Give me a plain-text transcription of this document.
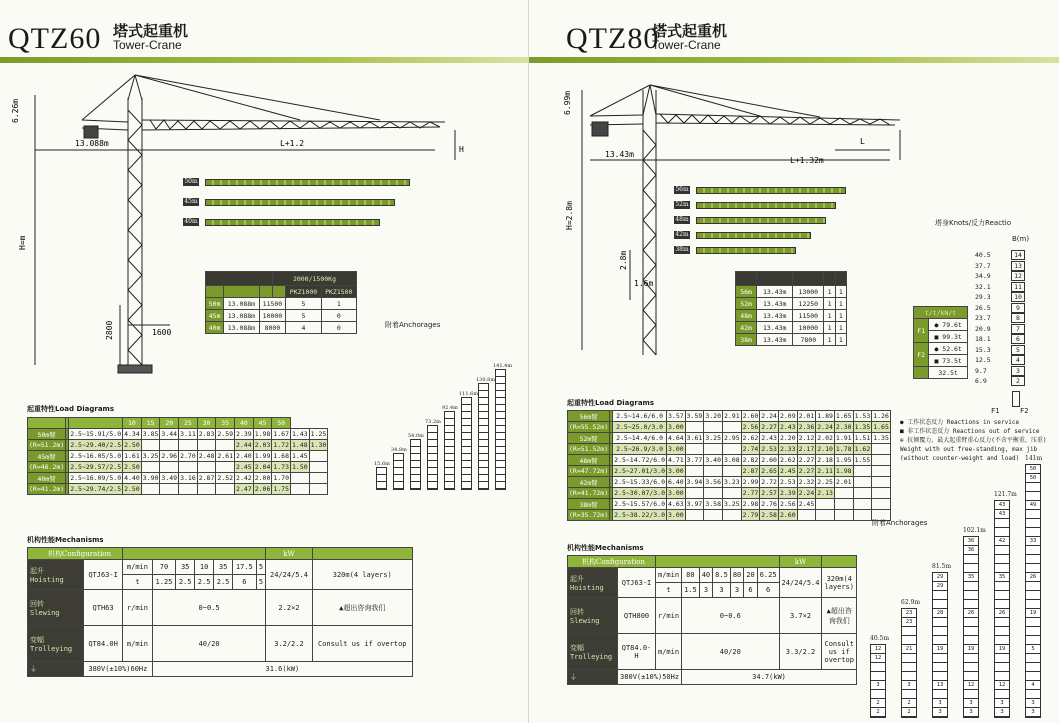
QTZ60 塔式起重机
Tower-Crane
6.26m
13.088m	L+1.2
H
H=m
2800	1600
50m
45m
40m
			2000/1500Kg		
				PKZ1000	PKZ1500
50m	13.088m	11500		5	1
45m	13.088m	10000		5	0
40m	13.088m	8000		4	0	附着Anchorages
15.6m
34.8m
54.0m
73.2m
92.4m
111.6m
130.8m
141.4m
起重特性Load Diagrams
			10	15	20	25	30	35	40	45	50		
50m臂		2.5~15.91/5.0	4.34	3.85	3.44	3.11	2.83	2.59	2.39	1.98	1.67	1.43	1.25
(R=51.2m)		2.5~29.40/2.5	2.50						2.44	2.03	1.72	1.48	1.30
45m臂		2.5~16.05/5.0	1.61	3.25	2.96	2.70	2.48	2.61	2.40	1.99	1.68	1.45	
(R=46.2m)		2.5~29.57/2.5	2.50						2.45	2.04	1.73	1.50	
40m臂		2.5~16.09/5.0	4.40	3.90	3.49	3.16	2.87	2.52	2.42	2.00	1.70		
(R=41.2m)		2.5~29.74/2.5	2.50						2.47	2.06	1.75		
机构性能Mechanisms
机构Configuration									kW	
起升
Hoisting	QTJ63-I	m/min	70	35	10	35	17.5	5	24/24/5.4	320m(4 layers)
		t	1.25	2.5	2.5	2.5	6	5		
回转
Slewing	QTH63	r/min	0~0.5						2.2×2	▲超出咨询我们
变幅
Trolleying	QT84.0H	m/min	40/20						3.2/2.2	Consult us if overtop
⏚	380V(±10%)60Hz		31.6(kW)							
QTZ80
塔式起重机
Tower-Crane
6.99m
13.43m
L+1.32m
L
H=2.8m
2.8m
1.6m
56m
52m
48m
42m
38m

56m	13.43m	13000	1	1
52m	13.43m	12250	1	1
48m	13.43m	11500	1	1
42m	13.43m	10000	1	1
38m	13.43m	7800	1	1
塔身Knots/反力Reactio
B(m)
40.5	14
37.7	13
34.9	12
32.1	11
29.3	10
26.5	9
23.7	8
20.9	7
18.1	6
15.3	5
12.5	4
9.7	3
6.9	2
F1	F2
t/t/kN/t	
F1	● 79.6t
	■ 99.3t
F2	● 52.6t
	■ 73.5t
	32.5t
● 工作状态反力 Reactions in service
■ 非工作状态反力 Reactions out of service
⊕ 抗倾覆力，最大起重臂重心反力(不含平衡重，压重)
Weight with out free-standing, max jib
(without counter-weight and load)
起重特性Load Diagrams
56m臂		2.5~14.6/6.0	3.57	3.59	3.20	2.91	2.60	2.24	2.09	2.01	1.89	1.65	1.53	1.26
(R=55.52m)		2.5~25.0/3.0	3.00				2.56	2.27	2.43	2.36	2.24	2.30	1.35	1.65
52m臂		2.5~14.4/6.0	4.64	3.61	3.25	2.95	2.62	2.43	2.20	2.12	2.02	1.91	1.51	1.35
(R=51.52m)		2.5~26.9/3.0	3.00				2.74	2.53	2.33	2.17	2.10	1.78	1.62	
48m臂		2.5~14.72/6.0	4.71	3.77	3.40	3.08	2.82	2.60	2.62	2.27	2.18	1.95	1.55	
(R=47.72m)		2.5~27.01/3.0	3.00				2.87	2.65	2.45	2.27	2.11	1.98		
42m臂		2.5~15.33/6.0	6.40	3.94	3.56	3.23	2.99	2.72	2.53	2.32	2.25	2.01		
(R=41.72m)		2.5~30.07/3.0	3.00				2.77	2.57	2.39	2.24	2.13			
38m臂		2.5~15.57/6.0	4.63	3.97	3.58	3.25	2.98	2.76	2.56	2.45				
(R=35.72m)		2.5~38.22/3.0	3.00				2.79	2.58	2.60					
机构性能Mechanisms
机构Configuration									kW	
起升
Hoisting	QTJ63-I	m/min	80	40	8.5	80	20	6.25	24/24/5.4	320m(4 layers)
		t	1.5	3	3	3	6	6		
回转
Slewing	QTH800	r/min	0~0.6						3.7×2	▲超出咨询我们
变幅
Trolleying	QT84.0-H	m/min	40/20						3.3/2.2	Consult us if overtop
⏚	380V(±10%)50Hz		34.7(kW)							
附着Anchorages
40.5m
12
12
3
2
2
62.9m
23
23
21
3
2
2
81.5m
29
29
28
19
13
3
3
102.1m
36
36
35
26
19
12
3
3
121.7m
43
43
42
35
26
19
12
3
3
141m
50
50
49
33
26
19
5
4
3
3
